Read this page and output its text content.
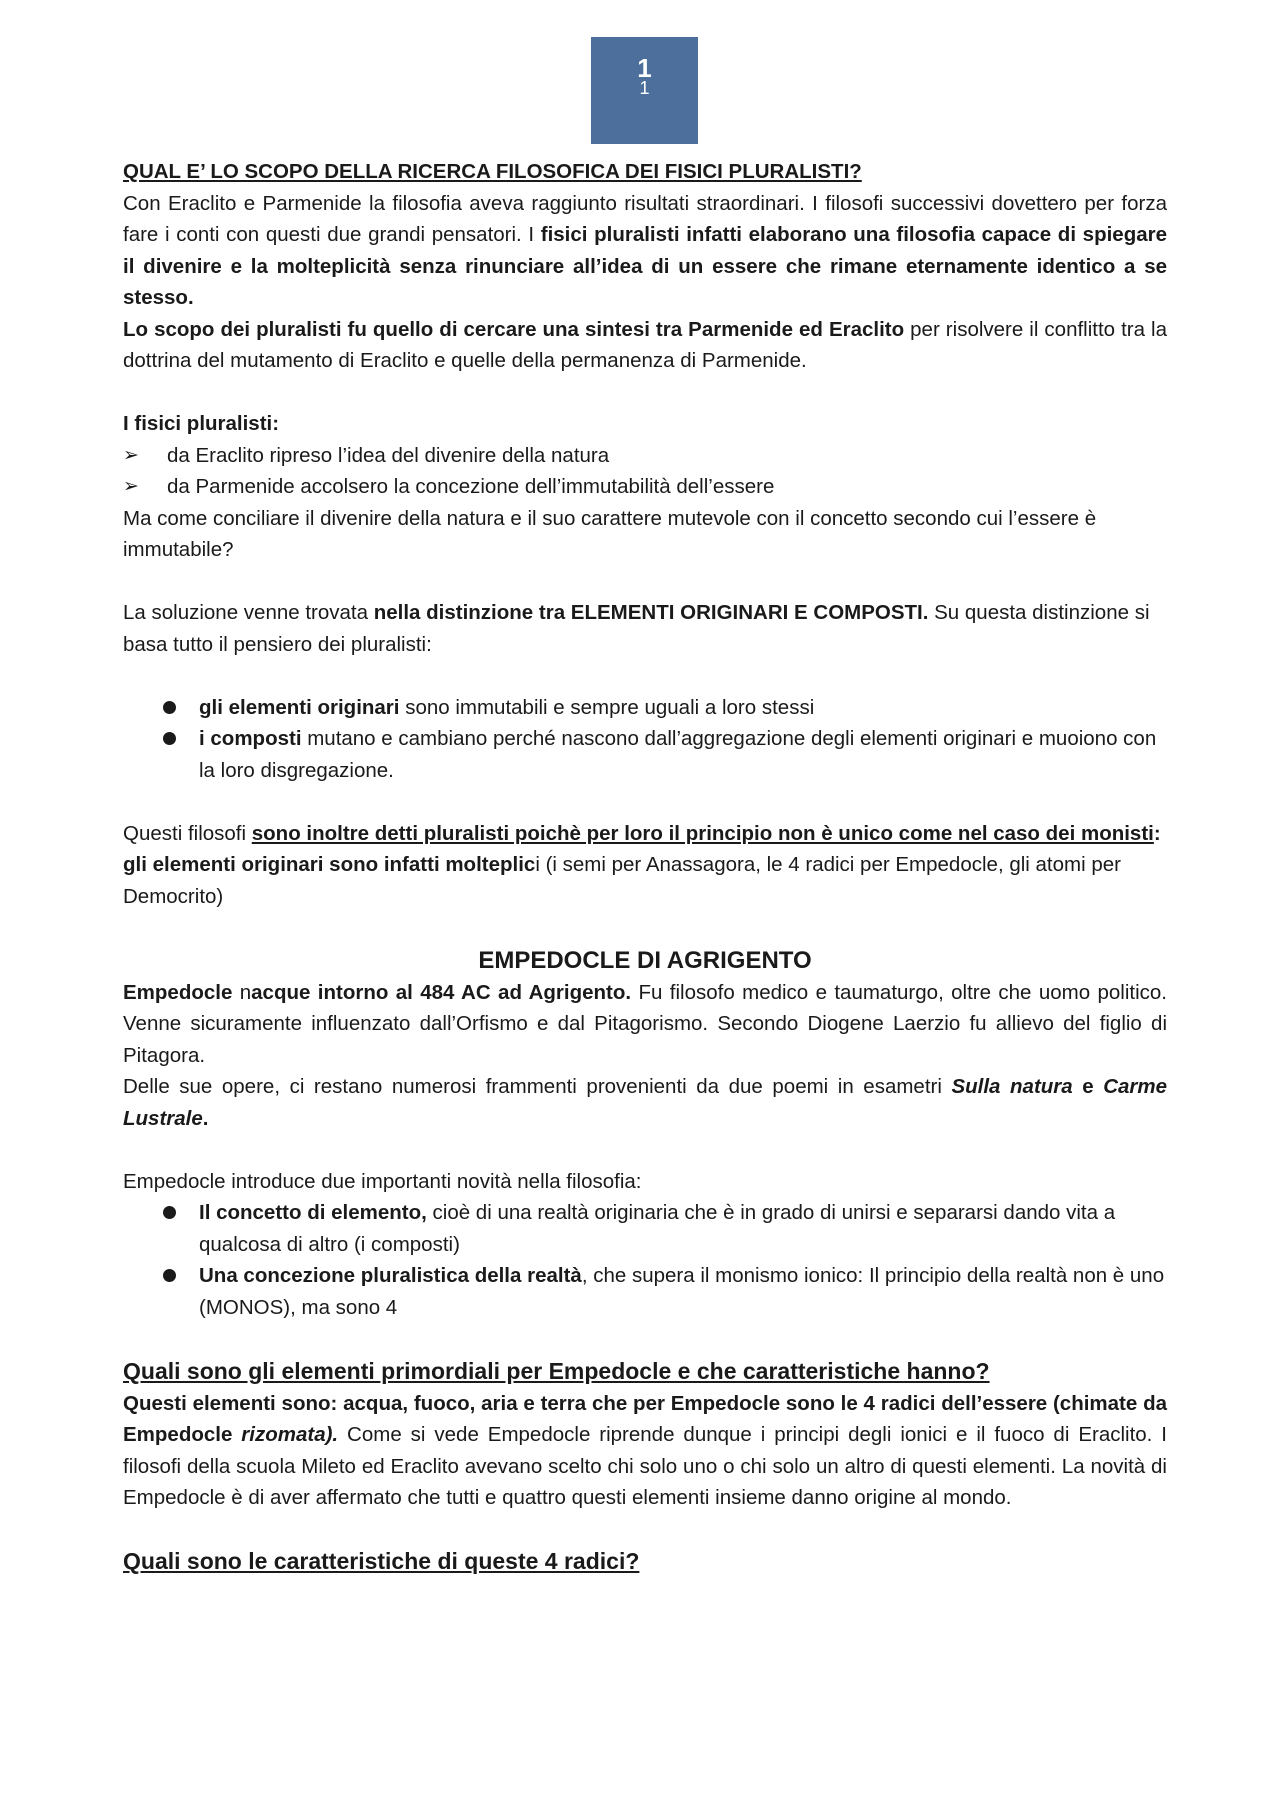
1
1
QUAL E’ LO SCOPO DELLA RICERCA FILOSOFICA DEI FISICI PLURALISTI?

Con Eraclito e Parmenide la filosofia aveva raggiunto risultati straordinari. I filosofi successivi dovettero per forza fare i conti con questi due grandi pensatori. I fisici pluralisti infatti elaborano una filosofia capace di spiegare il divenire e la molteplicità senza rinunciare all’idea di un essere che rimane eternamente identico a se stesso.

Lo scopo dei pluralisti fu quello di cercare una sintesi tra Parmenide ed Eraclito per risolvere il conflitto tra la dottrina del mutamento di Eraclito e quelle della permanenza di Parmenide.

I fisici pluralisti:

➢ da Eraclito ripreso l’idea del divenire della natura
➢ da Parmenide accolsero la concezione dell’immutabilità dell’essere

Ma come conciliare il divenire della natura e il suo carattere mutevole con il concetto secondo cui l’essere è immutabile?

La soluzione venne trovata nella distinzione tra ELEMENTI ORIGINARI E COMPOSTI. Su questa distinzione si basa tutto il pensiero dei pluralisti:

gli elementi originari sono immutabili e sempre uguali a loro stessi
i composti mutano e cambiano perché nascono dall’aggregazione degli elementi originari e muoiono con la loro disgregazione.

Questi filosofi sono inoltre detti pluralisti poichè per loro il principio non è unico come nel caso dei monisti: gli elementi originari sono infatti molteplici (i semi per Anassagora, le 4 radici per Empedocle, gli atomi per Democrito)

EMPEDOCLE DI AGRIGENTO

Empedocle nacque intorno al 484 AC ad Agrigento. Fu filosofo medico e taumaturgo, oltre che uomo politico. Venne sicuramente influenzato dall’Orfismo e dal Pitagorismo. Secondo Diogene Laerzio fu allievo del figlio di Pitagora.

Delle sue opere, ci restano numerosi frammenti provenienti da due poemi in esametri Sulla natura e Carme Lustrale.

Empedocle introduce due importanti novità nella filosofia:

Il concetto di elemento, cioè di una realtà originaria che è in grado di unirsi e separarsi dando vita a qualcosa di altro (i composti)
Una concezione pluralistica della realtà, che supera il monismo ionico: Il principio della realtà non è uno (MONOS), ma sono 4
Quali sono gli elementi primordiali per Empedocle e che caratteristiche hanno?

Questi elementi sono: acqua, fuoco, aria e terra che per Empedocle sono le 4 radici dell’essere (chimate da Empedocle rizomata). Come si vede Empedocle riprende dunque i principi degli ionici e il fuoco di Eraclito. I filosofi della scuola Mileto ed Eraclito avevano scelto chi solo uno o chi solo un altro di questi elementi. La novità di Empedocle è di aver affermato che tutti e quattro questi elementi insieme danno origine al mondo.

Quali sono le caratteristiche di queste 4 radici?
